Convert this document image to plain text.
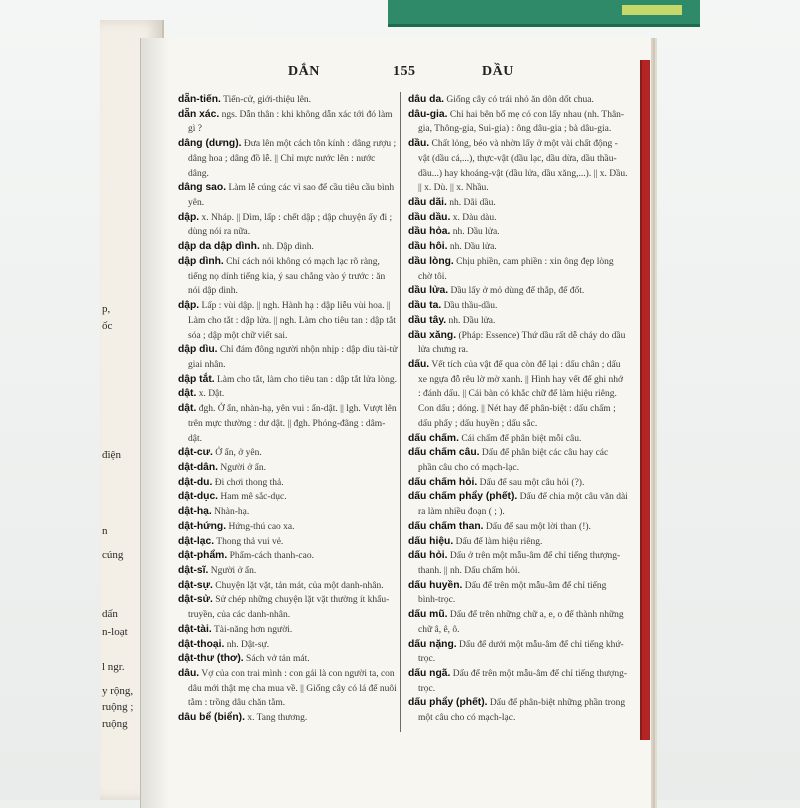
p,
ốc
điện
n
cúng
dấn
n-loạt
l ngr.
y rộng,
ruộng ;
ruộng
DẮN	155	DẦU
dẵn-tiến. Tiến-cử, giới-thiệu lên.
dẵn xác. ngs. Dẫn thân : khi không dẫn xác tới đó làm gì ?
dâng (dưng). Đưa lên một cách tôn kính : dâng rượu ; dâng hoa ; dâng đồ lễ. || Chỉ mực nước lên : nước dâng.
dâng sao. Làm lễ cúng các vì sao để cầu tiêu cầu bình yên.
dập. x. Nháp. || Dìm, lấp : chết dập ; dập chuyện ấy đi ; dùng nói ra nữa.
dập da dập dình. nh. Dập dình.
dập dình. Chỉ cách nói không có mạch lạc rõ ràng, tiếng nọ dính tiếng kia, ý sau chẳng vào ý trước : ăn nói dập dình.
dập. Lấp : vùi dập. || ngh. Hành hạ : dập liễu vùi hoa. || Làm cho tắt : dập lửa. || ngh. Làm cho tiêu tan : dập tắt sóa ; dập một chữ viết sai.
dập dìu. Chỉ đám đông người nhộn nhịp : dập dìu tài-tử giai nhân.
dập tắt. Làm cho tắt, làm cho tiêu tan : dập tắt lửa lòng.
dật. x. Dật.
dật. đgh. Ở ẩn, nhàn-hạ, yên vui : ẩn-dật. || lgh. Vượt lên trên mực thường : dư dật. || đgh. Phóng-đãng : dâm-dật.
dật-cư. Ở ẩn, ở yên.
dật-dân. Người ở ẩn.
dật-du. Đi chơi thong thả.
dật-dục. Ham mê sắc-dục.
dật-hạ. Nhàn-hạ.
dật-hứng. Hứng-thú cao xa.
dật-lạc. Thong thả vui vẻ.
dật-phẩm. Phẩm-cách thanh-cao.
dật-sĩ. Người ở ẩn.
dật-sự. Chuyện lặt vặt, tản mát, của một danh-nhân.
dật-sử. Sử chép những chuyện lặt vặt thường ít khẩu-truyền, của các danh-nhân.
dật-tài. Tài-năng hơn người.
dật-thoại. nh. Dật-sự.
dật-thư (thơ). Sách vở tản mát.
dâu. Vợ của con trai mình : con gái là con người ta, con dâu mới thật mẹ cha mua về. || Giống cây có lá để nuôi tằm : trồng dâu chăn tằm.
dâu bể (biển). x. Tang thương.
dâu da. Giống cây có trái nhỏ ăn dôn dốt chua.
dâu-gia. Chỉ hai bên bố mẹ có con lấy nhau (nh. Thân-gia, Thông-gia, Sui-gia) : ông dâu-gia ; bà dâu-gia.
dầu. Chất lỏng, béo và nhờn lấy ở một vài chất động - vật (dầu cá,...), thực-vật (dầu lạc, dầu dừa, dầu thầu-dầu...) hay khoáng-vật (dầu lửa, dầu xăng,...). || x. Dầu. || x. Dù. || x. Nhầu.
dầu dãi. nh. Dãi dầu.
dầu dầu. x. Dàu dàu.
dầu hỏa. nh. Dầu lửa.
dầu hôi. nh. Dầu lửa.
dầu lòng. Chịu phiền, cam phiền : xin ông đẹp lòng chờ tôi.
dầu lửa. Dầu lấy ở mỏ dùng để thắp, để đốt.
dầu ta. Dầu thầu-dầu.
dầu tây. nh. Dầu lửa.
dầu xăng. (Pháp: Essence) Thứ dầu rất dễ cháy do dầu lửa chưng ra.
dấu. Vết tích của vật để qua còn để lại : dấu chân ; dấu xe ngựa đỗ rêu lờ mờ xanh. || Hình hay vết để ghi nhớ : đánh dấu. || Cái bàn có khắc chữ để làm hiệu riêng. Con dấu ; dóng. || Nét hay để phân-biệt : dấu chấm ; dấu phẩy ; dấu huyền ; dấu sắc.
dấu chấm. Cái chấm để phân biệt mỗi câu.
dấu chấm câu. Dấu để phân biệt các câu hay các phần câu cho có mạch-lạc.
dấu chấm hỏi. Dấu để sau một câu hỏi (?).
dấu chấm phẩy (phết). Dấu để chia một câu văn dài ra làm nhiều đoạn ( ; ).
dấu chấm than. Dấu để sau một lời than (!).
dấu hiệu. Dấu để làm hiệu riêng.
dấu hỏi. Dấu ở trên một mẫu-âm để chỉ tiếng thượng-thanh. || nh. Dấu chấm hỏi.
dấu huyền. Dấu để trên một mẫu-âm để chỉ tiếng bình-trọc.
dấu mũ. Dấu để trên những chữ a, e, o để thành những chữ â, ê, ô.
dấu nặng. Dấu để dưới một mẫu-âm để chỉ tiếng khứ-trọc.
dấu ngã. Dấu để trên một mẫu-âm để chỉ tiếng thượng-trọc.
dấu phẩy (phết). Dấu để phân-biệt những phần trong một câu cho có mạch-lạc.
